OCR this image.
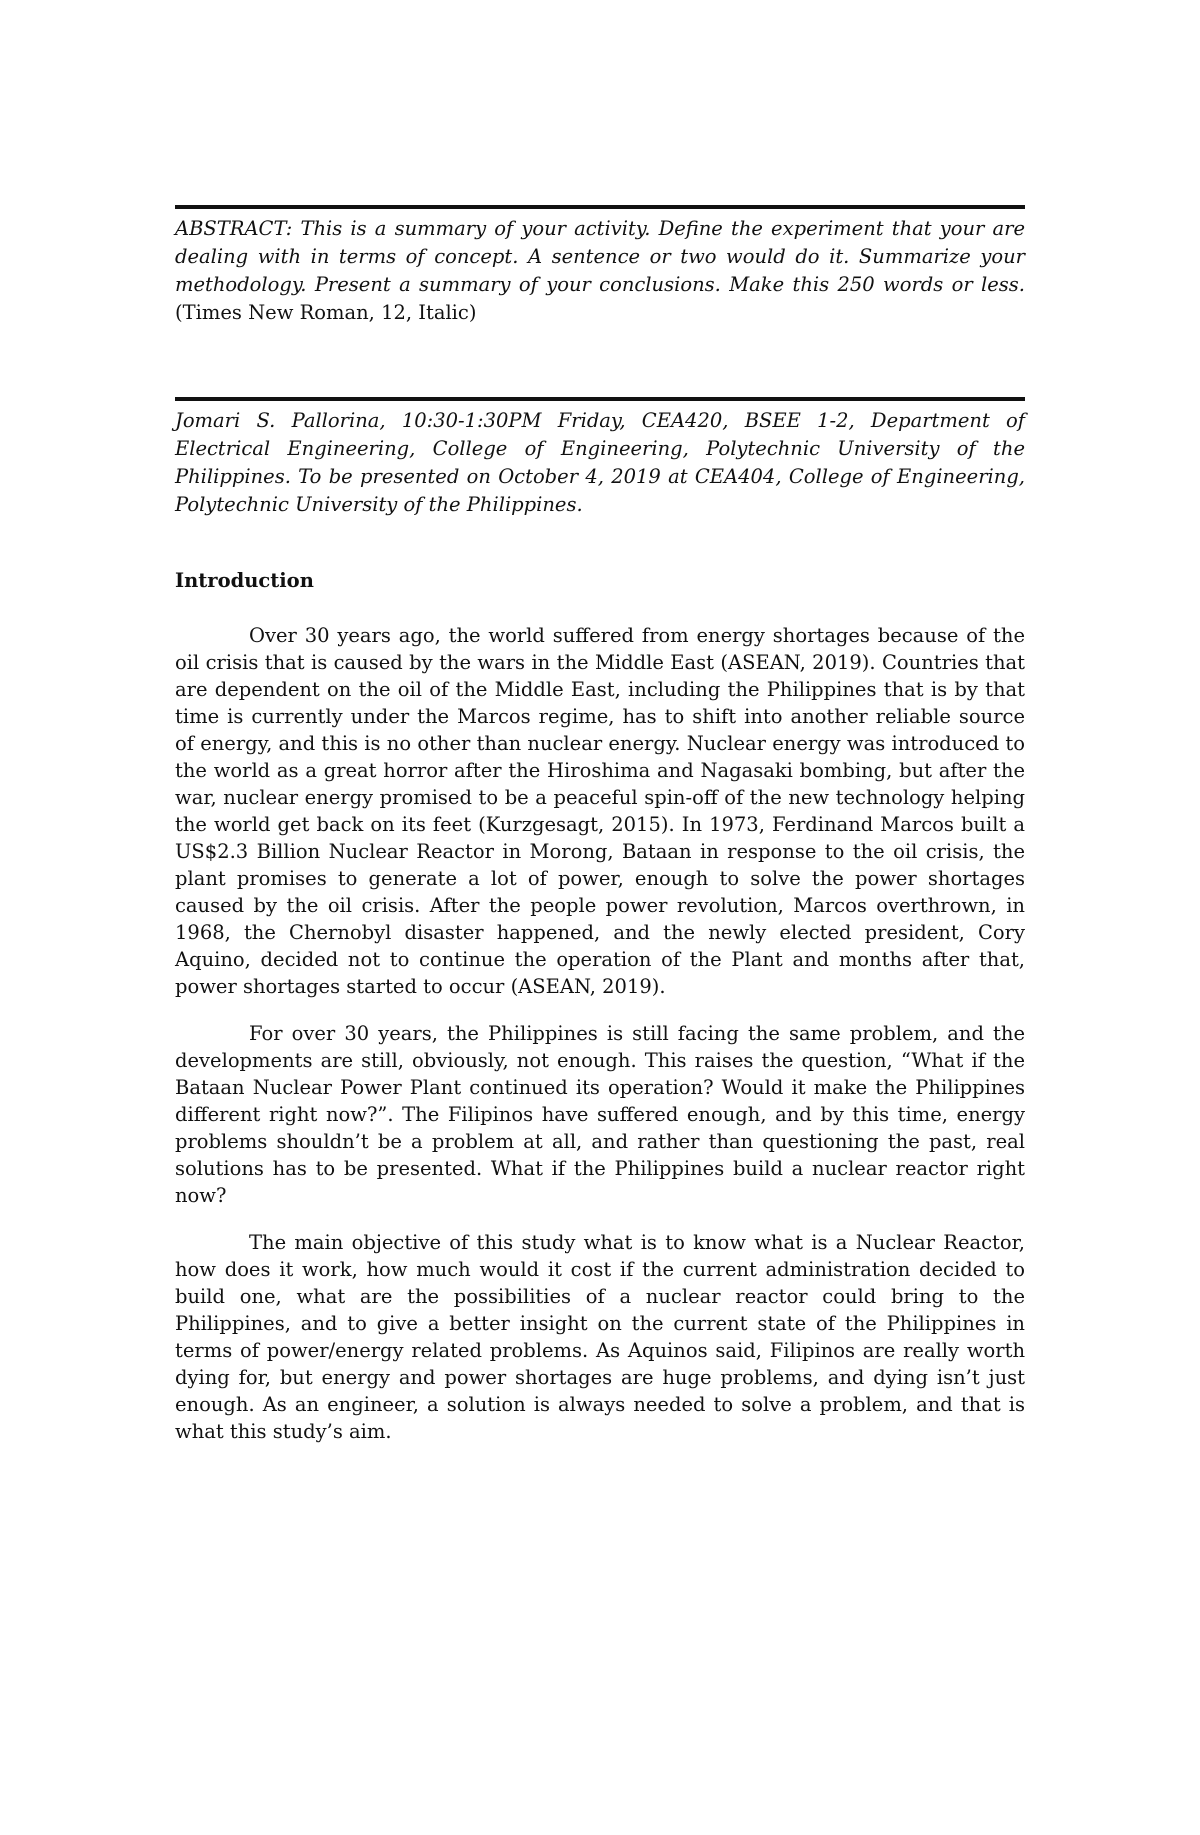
ABSTRACT: This is a summary of your activity. Define the experiment that your are dealing with in terms of concept. A sentence or two would do it. Summarize your methodology. Present a summary of your conclusions. Make this 250 words or less. (Times New Roman, 12, Italic)
Jomari S. Pallorina, 10:30-1:30PM Friday, CEA420, BSEE 1-2, Department of Electrical Engineering, College of Engineering, Polytechnic University of the Philippines. To be presented on October 4, 2019 at CEA404, College of Engineering, Polytechnic University of the Philippines.
Introduction

Over 30 years ago, the world suffered from energy shortages because of the oil crisis that is caused by the wars in the Middle East (ASEAN, 2019). Countries that are dependent on the oil of the Middle East, including the Philippines that is by that time is currently under the Marcos regime, has to shift into another reliable source of energy, and this is no other than nuclear energy. Nuclear energy was introduced to the world as a great horror after the Hiroshima and Nagasaki bombing, but after the war, nuclear energy promised to be a peaceful spin-off of the new technology helping the world get back on its feet (Kurzgesagt, 2015). In 1973, Ferdinand Marcos built a US$2.3 Billion Nuclear Reactor in Morong, Bataan in response to the oil crisis, the plant promises to generate a lot of power, enough to solve the power shortages caused by the oil crisis. After the people power revolution, Marcos overthrown, in 1968, the Chernobyl disaster happened, and the newly elected president, Cory Aquino, decided not to continue the operation of the Plant and months after that, power shortages started to occur (ASEAN, 2019).

For over 30 years, the Philippines is still facing the same problem, and the developments are still, obviously, not enough. This raises the question, “What if the Bataan Nuclear Power Plant continued its operation? Would it make the Philippines different right now?”. The Filipinos have suffered enough, and by this time, energy problems shouldn’t be a problem at all, and rather than questioning the past, real solutions has to be presented. What if the Philippines build a nuclear reactor right now?

The main objective of this study what is to know what is a Nuclear Reactor, how does it work, how much would it cost if the current administration decided to build one, what are the possibilities of a nuclear reactor could bring to the Philippines, and to give a better insight on the current state of the Philippines in terms of power/energy related problems. As Aquinos said, Filipinos are really worth dying for, but energy and power shortages are huge problems, and dying isn’t just enough. As an engineer, a solution is always needed to solve a problem, and that is what this study’s aim.
